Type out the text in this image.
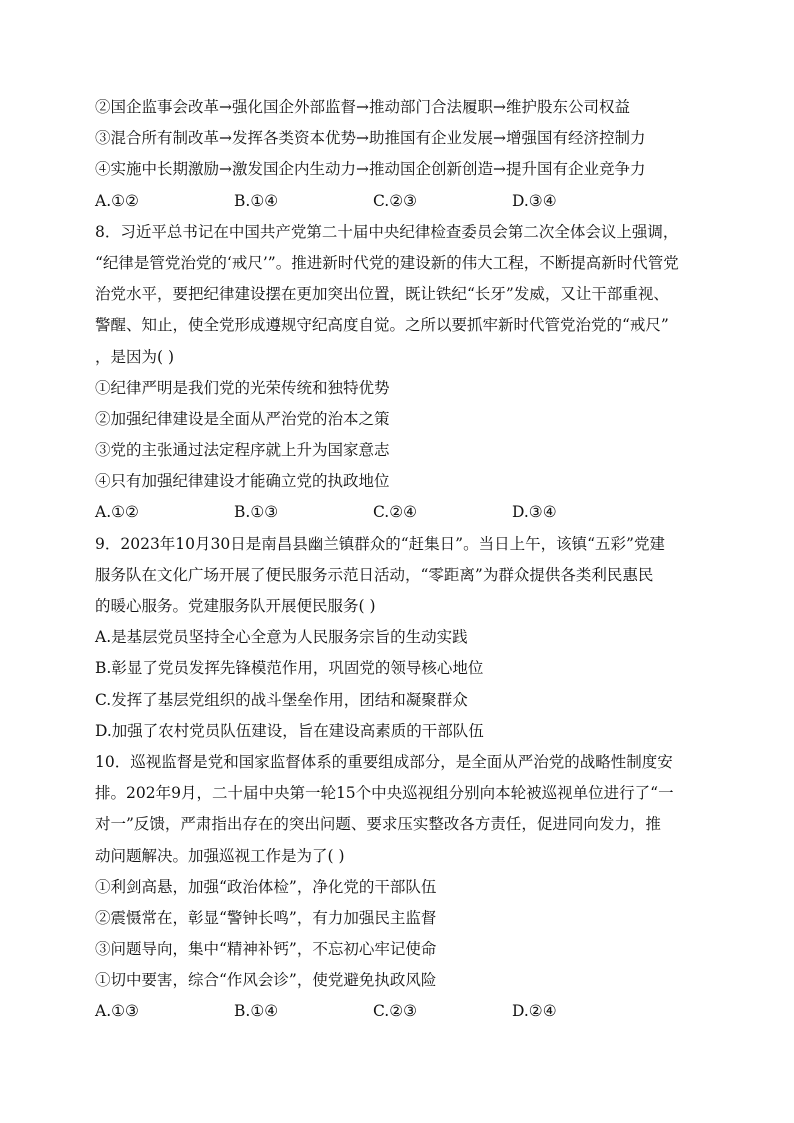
②国企监事会改革→强化国企外部监督→推动部门合法履职→维护股东公司权益
③混合所有制改革→发挥各类资本优势→助推国有企业发展→增强国有经济控制力
④实施中长期激励→激发国企内生动力→推动国企创新创造→提升国有企业竞争力
A.①②	B.①④	C.②③	D.③④
8．习近平总书记在中国共产党第二十届中央纪律检查委员会第二次全体会议上强调，
“纪律是管党治党的‘戒尺’”。推进新时代党的建设新的伟大工程，不断提高新时代管党
治党水平，要把纪律建设摆在更加突出位置，既让铁纪“长牙”发威，又让干部重视、
警醒、知止，使全党形成遵规守纪高度自觉。之所以要抓牢新时代管党治党的“戒尺”
，是因为( )
①纪律严明是我们党的光荣传统和独特优势
②加强纪律建设是全面从严治党的治本之策
③党的主张通过法定程序就上升为国家意志
④只有加强纪律建设才能确立党的执政地位
A.①②	B.①③	C.②④	D.③④
9．2023年10月30日是南昌县幽兰镇群众的“赶集日”。当日上午，该镇“五彩”党建
服务队在文化广场开展了便民服务示范日活动，“零距离”为群众提供各类利民惠民
的暖心服务。党建服务队开展便民服务( )
A.是基层党员坚持全心全意为人民服务宗旨的生动实践
B.彰显了党员发挥先锋模范作用，巩固党的领导核心地位
C.发挥了基层党组织的战斗堡垒作用，团结和凝聚群众
D.加强了农村党员队伍建设，旨在建设高素质的干部队伍
10．巡视监督是党和国家监督体系的重要组成部分，是全面从严治党的战略性制度安
排。202年9月，二十届中央第一轮15个中央巡视组分别向本轮被巡视单位进行了“一
对一”反馈，严肃指出存在的突出问题、要求压实整改各方责任，促进同向发力，推
动问题解决。加强巡视工作是为了( )
①利剑高悬，加强“政治体检”，净化党的干部队伍
②震慑常在，彰显“警钟长鸣”，有力加强民主监督
③问题导向，集中“精神补钙”，不忘初心牢记使命
①切中要害，综合“作风会诊”，使党避免执政风险
A.①③	B.①④	C.②③	D.②④
